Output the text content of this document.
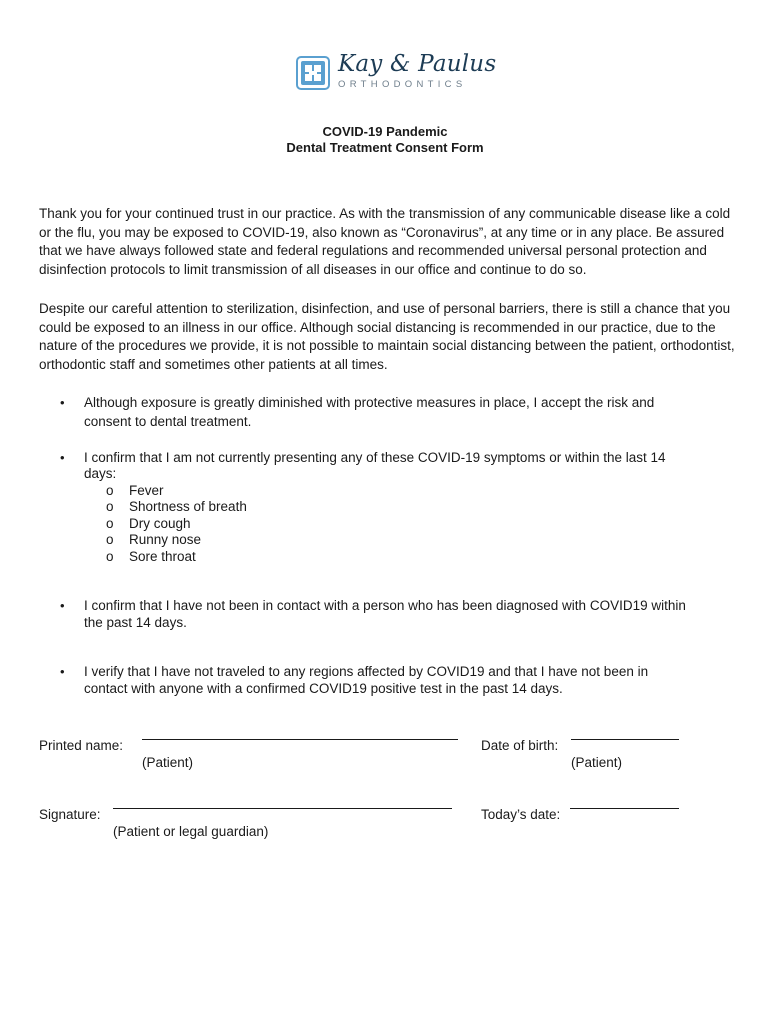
Kay & Paulus
ORTHODONTICS
COVID-19 Pandemic
Dental Treatment Consent Form

Thank you for your continued trust in our practice. As with the transmission of any communicable disease like a cold or the flu, you may be exposed to COVID-19, also known as “Coronavirus”, at any time or in any place. Be assured that we have always followed state and federal regulations and recommended universal personal protection and disinfection protocols to limit transmission of all diseases in our office and continue to do so.

Despite our careful attention to sterilization, disinfection, and use of personal barriers, there is still a chance that you could be exposed to an illness in our office. Although social distancing is recommended in our practice, due to the nature of the procedures we provide, it is not possible to maintain social distancing between the patient, orthodontist, orthodontic staff and sometimes other patients at all times.

• Although exposure is greatly diminished with protective measures in place, I accept the risk and consent to dental treatment.
• I confirm that I am not currently presenting any of these COVID-19 symptoms or within the last 14 days:
o Fever
o Shortness of breath
o Dry cough
o Runny nose
o Sore throat
• I confirm that I have not been in contact with a person who has been diagnosed with COVID19 within the past 14 days.
• I verify that I have not traveled to any regions affected by COVID19 and that I have not been in contact with anyone with a confirmed COVID19 positive test in the past 14 days.
Printed name:
(Patient)
Date of birth:
(Patient)
Signature:
(Patient or legal guardian)
Today’s date:
